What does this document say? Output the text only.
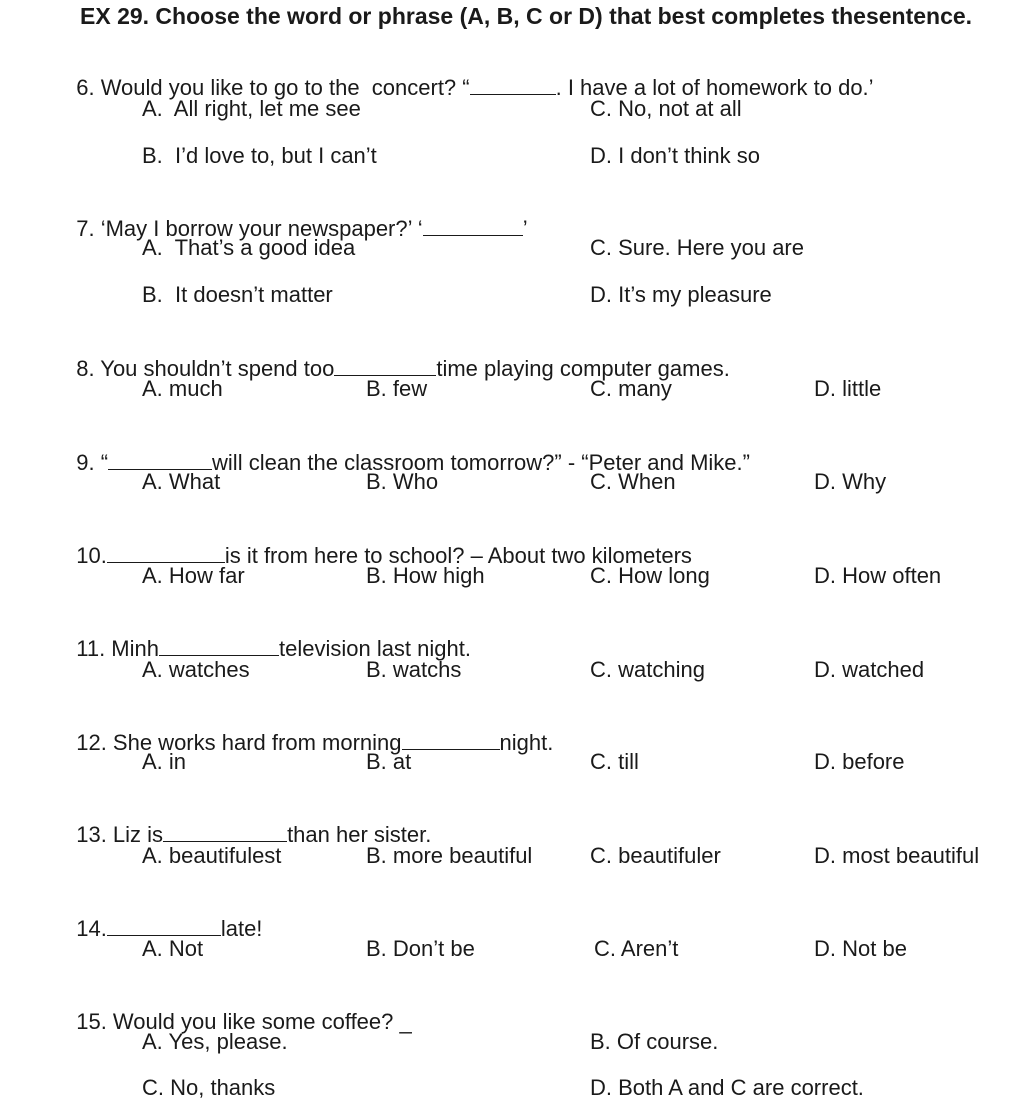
EX 29. Choose the word or phrase (A, B, C or D) that best completes thesentence.

6. Would you like to go to the  concert? “	. I have a lot of homework to do.’

A.  All right, let me see	C. No, not at all
B.  I’d love to, but I can’t	D. I don’t think so

7. ‘May I borrow your newspaper?’ ‘	’

A.  That’s a good idea	C. Sure. Here you are
B.  It doesn’t matter	D. It’s my pleasure

8. You shouldn’t spend too	time playing computer games.

A. much	B. few	C. many	D. little

9. “	will clean the classroom tomorrow?” - “Peter and Mike.”

A. What	B. Who	C. When	D. Why

10.	is it from here to school? – About two kilometers

A. How far	B. How high	C. How long	D. How often

11. Minh	television last night.

A. watches	B. watchs	C. watching	D. watched

12. She works hard from morning	night.

A. in	B. at	C. till	D. before

13. Liz is	than her sister.

A. beautifulest	B. more beautiful	C. beautifuler	D. most beautiful

14.	late!

A. Not	B. Don’t be	C. Aren’t	D. Not be

15. Would you like some coffee? _

A. Yes, please.	B. Of course.
C. No, thanks	D. Both A and C are correct.
